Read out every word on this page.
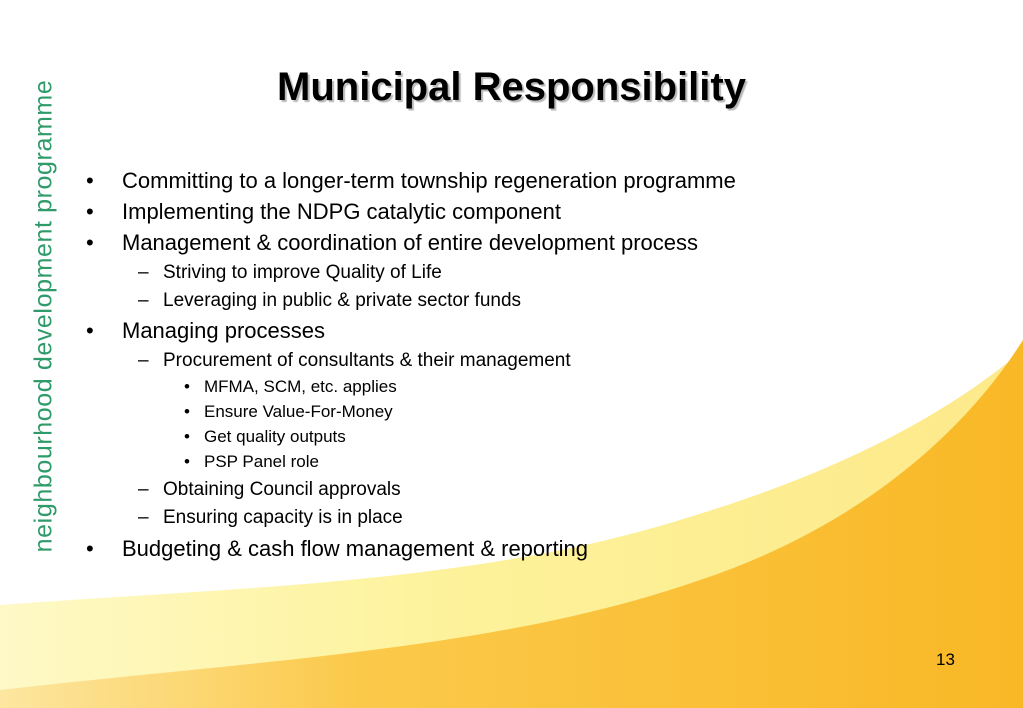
neighbourhood development programme	Municipal Responsibility
• Committing to a longer-term township regeneration programme
• Implementing the NDPG catalytic component
• Management & coordination of entire development process
– Striving to improve Quality of Life
– Leveraging in public & private sector funds
• Managing processes
– Procurement of consultants & their management
• MFMA, SCM, etc. applies
• Ensure Value-For-Money
• Get quality outputs
• PSP Panel role
– Obtaining Council approvals
– Ensuring capacity is in place
• Budgeting & cash flow management & reporting
13
